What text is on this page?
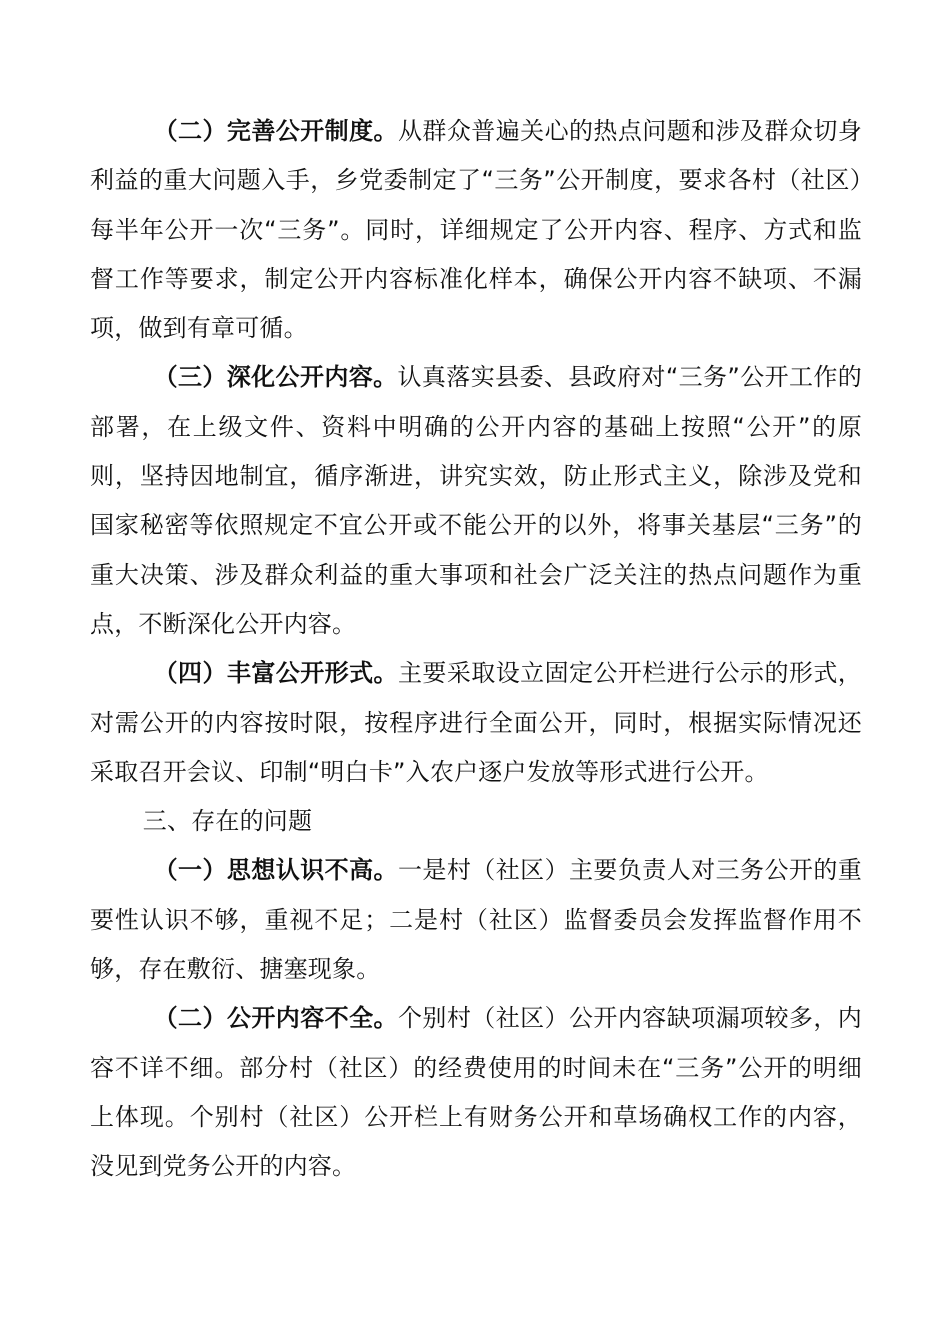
（二）完善公开制度。从群众普遍关心的热点问题和涉及群众切身利益的重大问题入手，乡党委制定了“三务”公开制度，要求各村（社区）每半年公开一次“三务”。同时，详细规定了公开内容、程序、方式和监督工作等要求，制定公开内容标准化样本，确保公开内容不缺项、不漏项，做到有章可循。

（三）深化公开内容。认真落实县委、县政府对“三务”公开工作的部署，在上级文件、资料中明确的公开内容的基础上按照“公开”的原则，坚持因地制宜，循序渐进，讲究实效，防止形式主义，除涉及党和国家秘密等依照规定不宜公开或不能公开的以外，将事关基层“三务”的重大决策、涉及群众利益的重大事项和社会广泛关注的热点问题作为重点，不断深化公开内容。

（四）丰富公开形式。主要采取设立固定公开栏进行公示的形式，对需公开的内容按时限，按程序进行全面公开，同时，根据实际情况还采取召开会议、印制“明白卡”入农户逐户发放等形式进行公开。

三、存在的问题

（一）思想认识不高。一是村（社区）主要负责人对三务公开的重要性认识不够，重视不足；二是村（社区）监督委员会发挥监督作用不够，存在敷衍、搪塞现象。

（二）公开内容不全。个别村（社区）公开内容缺项漏项较多，内容不详不细。部分村（社区）的经费使用的时间未在“三务”公开的明细上体现。个别村（社区）公开栏上有财务公开和草场确权工作的内容，没见到党务公开的内容。
